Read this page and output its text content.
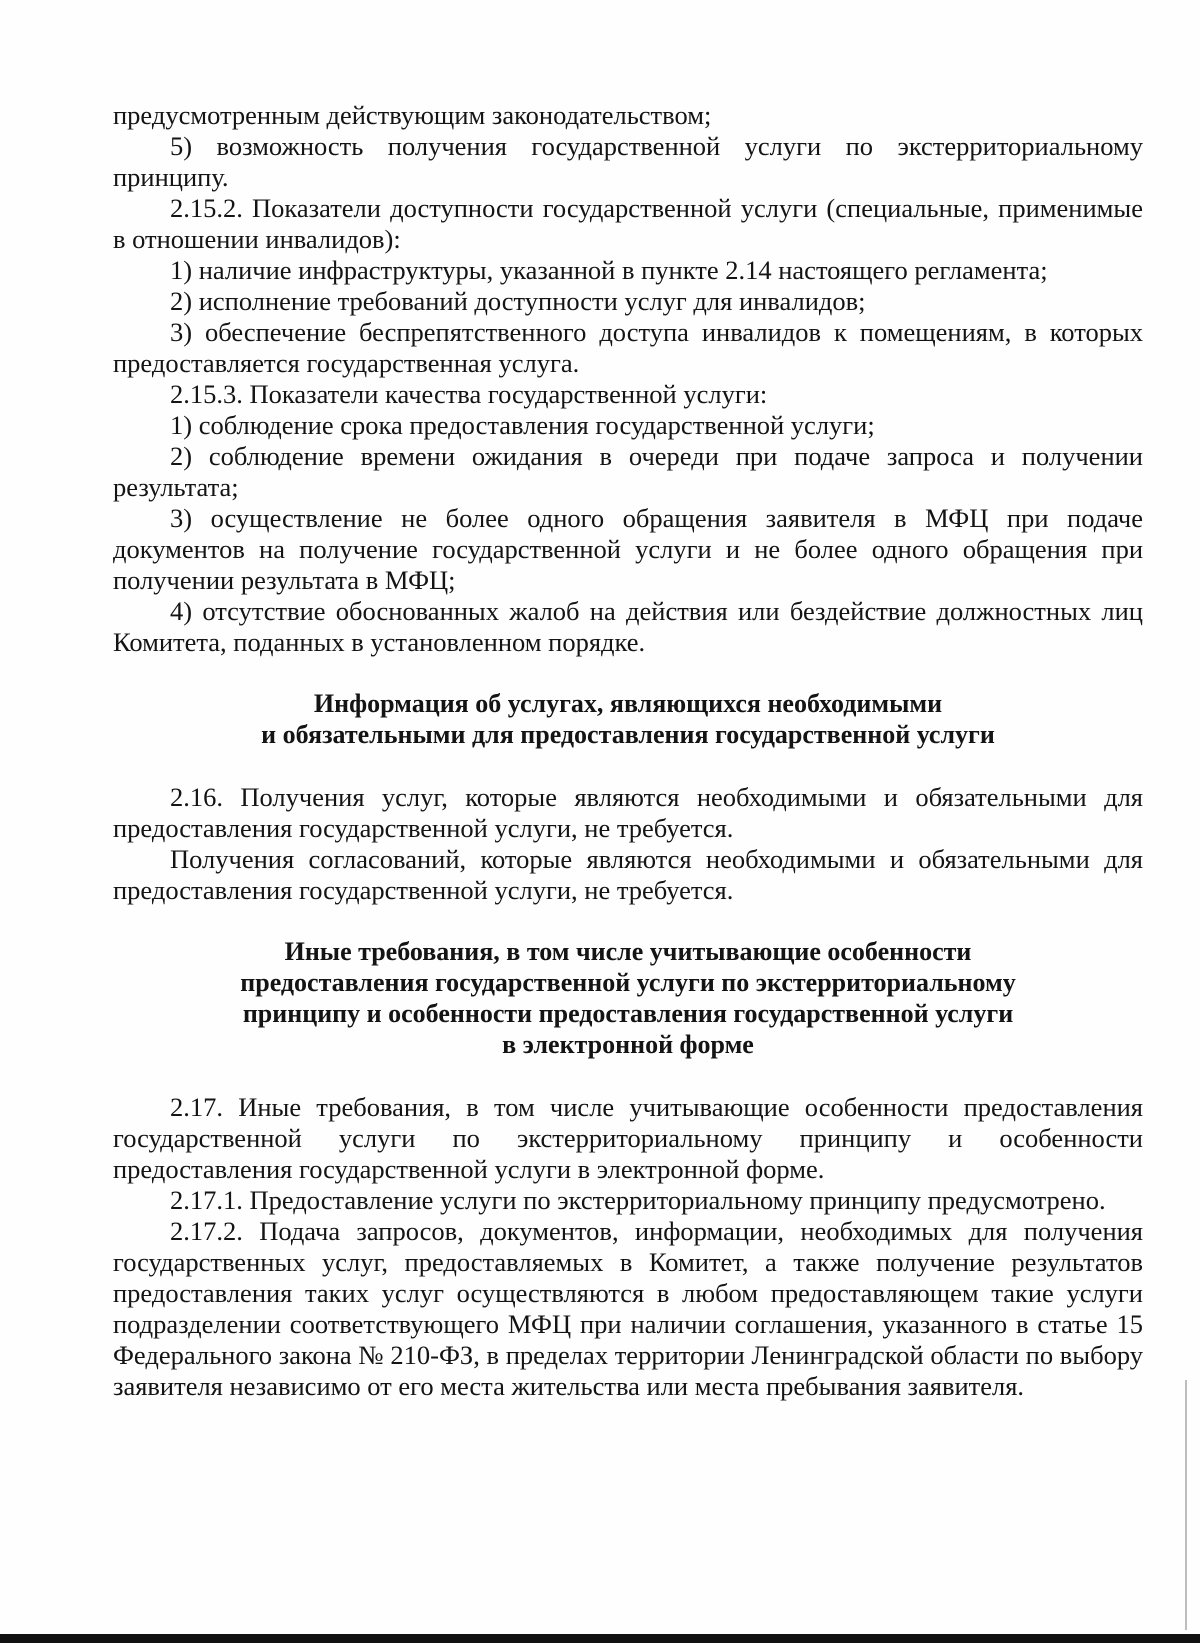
предусмотренным действующим законодательством;

5) возможность получения государственной услуги по экстерриториальному принципу.

2.15.2. Показатели доступности государственной услуги (специальные, применимые в отношении инвалидов):

1) наличие инфраструктуры, указанной в пункте 2.14 настоящего регламента;

2) исполнение требований доступности услуг для инвалидов;

3) обеспечение беспрепятственного доступа инвалидов к помещениям, в которых предоставляется государственная услуга.

2.15.3. Показатели качества государственной услуги:

1) соблюдение срока предоставления государственной услуги;

2) соблюдение времени ожидания в очереди при подаче запроса и получении результата;

3) осуществление не более одного обращения заявителя в МФЦ при подаче документов на получение государственной услуги и не более одного обращения при получении результата в МФЦ;

4) отсутствие обоснованных жалоб на действия или бездействие должностных лиц Комитета, поданных в установленном порядке.

Информация об услугах, являющихся необходимыми
и обязательными для предоставления государственной услуги

2.16. Получения услуг, которые являются необходимыми и обязательными для предоставления государственной услуги, не требуется.

Получения согласований, которые являются необходимыми и обязательными для предоставления государственной услуги, не требуется.

Иные требования, в том числе учитывающие особенности
предоставления государственной услуги по экстерриториальному
принципу и особенности предоставления государственной услуги
в электронной форме

2.17. Иные требования, в том числе учитывающие особенности предоставления государственной услуги по экстерриториальному принципу и особенности предоставления государственной услуги в электронной форме.

2.17.1. Предоставление услуги по экстерриториальному принципу предусмотрено.

2.17.2. Подача запросов, документов, информации, необходимых для получения государственных услуг, предоставляемых в Комитет, а также получение результатов предоставления таких услуг осуществляются в любом предоставляющем такие услуги подразделении соответствующего МФЦ при наличии соглашения, указанного в статье 15 Федерального закона № 210-ФЗ, в пределах территории Ленинградской области по выбору заявителя независимо от его места жительства или места пребывания заявителя.
